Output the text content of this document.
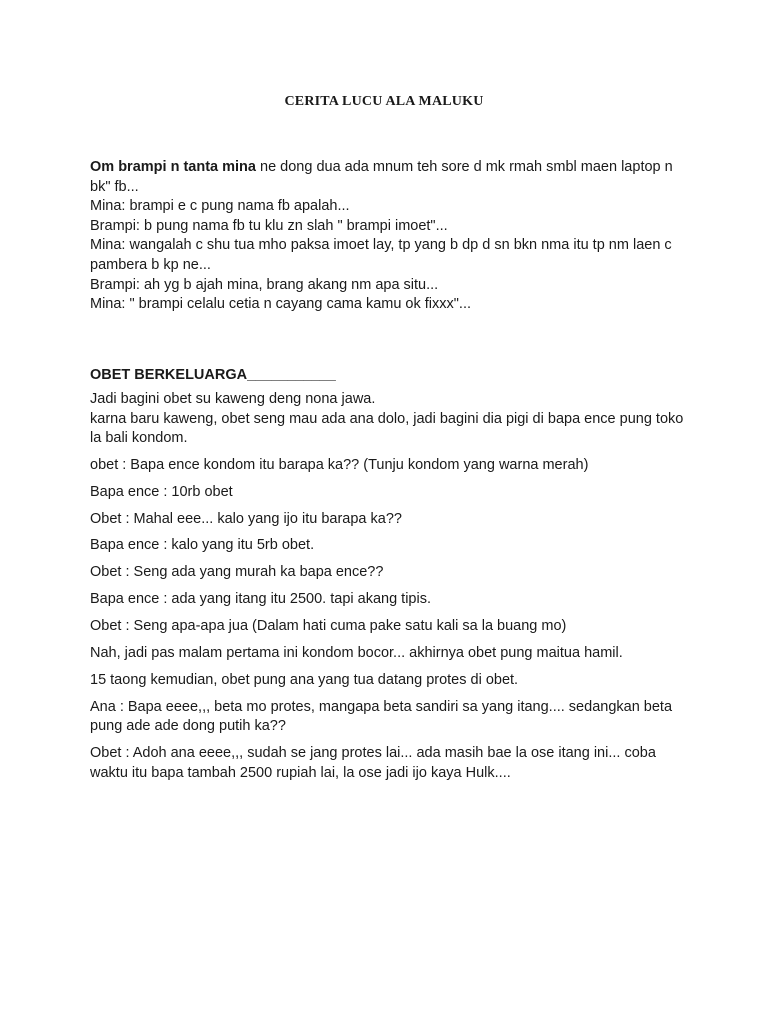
CERITA LUCU ALA MALUKU

Om brampi n tanta mina ne dong dua ada mnum teh sore d mk rmah smbl maen laptop n bk" fb...

Mina: brampi e c pung nama fb apalah...

Brampi: b pung nama fb tu klu zn slah " brampi imoet"...

Mina: wangalah c shu tua mho paksa imoet lay, tp yang b dp d sn bkn nma itu tp nm laen c pambera b kp ne...

Brampi: ah yg b ajah mina, brang akang nm apa situ...

Mina: " brampi celalu cetia n cayang cama kamu ok fixxx"...

OBET BERKELUARGA___________

Jadi bagini obet su kaweng deng nona jawa.

karna baru kaweng, obet seng mau ada ana dolo, jadi bagini dia pigi di bapa ence pung toko la bali kondom.

obet : Bapa ence kondom itu barapa ka?? (Tunju kondom yang warna merah)

Bapa ence : 10rb obet

Obet : Mahal eee... kalo yang ijo itu barapa ka??

Bapa ence : kalo yang itu 5rb obet.

Obet : Seng ada yang murah ka bapa ence??

Bapa ence : ada yang itang itu 2500. tapi akang tipis.

Obet : Seng apa-apa jua (Dalam hati cuma pake satu kali sa la buang mo)

Nah, jadi pas malam pertama ini kondom bocor... akhirnya obet pung maitua hamil.

15 taong kemudian, obet pung ana yang tua datang protes di obet.

Ana : Bapa eeee,,, beta mo protes, mangapa beta sandiri sa yang itang.... sedangkan beta pung ade ade dong putih ka??

Obet : Adoh ana eeee,,, sudah se jang protes lai... ada masih bae la ose itang ini... coba waktu itu bapa tambah 2500 rupiah lai, la ose jadi ijo kaya Hulk....
